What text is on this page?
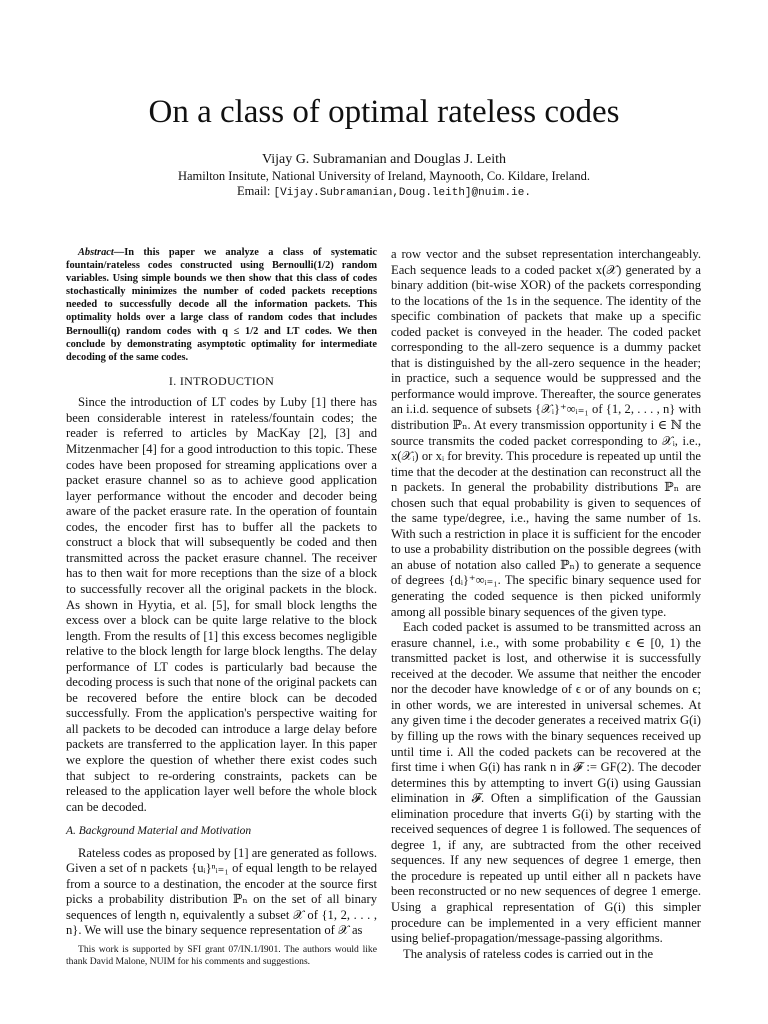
On a class of optimal rateless codes
Vijay G. Subramanian and Douglas J. Leith
Hamilton Insitute, National University of Ireland, Maynooth, Co. Kildare, Ireland.
Email: [Vijay.Subramanian,Doug.leith]@nuim.ie.

Abstract—In this paper we analyze a class of systematic fountain/rateless codes constructed using Bernoulli(1/2) random variables. Using simple bounds we then show that this class of codes stochastically minimizes the number of coded packets receptions needed to successfully decode all the information packets. This optimality holds over a large class of random codes that includes Bernoulli(q) random codes with q ≤ 1/2 and LT codes. We then conclude by demonstrating asymptotic optimality for intermediate decoding of the same codes.

I. INTRODUCTION

Since the introduction of LT codes by Luby [1] there has been considerable interest in rateless/fountain codes; the reader is referred to articles by MacKay [2], [3] and Mitzenmacher [4] for a good introduction to this topic. These codes have been proposed for streaming applications over a packet erasure channel so as to achieve good application layer performance without the encoder and decoder being aware of the packet erasure rate. In the operation of fountain codes, the encoder first has to buffer all the packets to construct a block that will subsequently be coded and then transmitted across the packet erasure channel. The receiver has to then wait for more receptions than the size of a block to successfully recover all the original packets in the block. As shown in Hyytia, et al. [5], for small block lengths the excess over a block can be quite large relative to the block length. From the results of [1] this excess becomes negligible relative to the block length for large block lengths. The delay performance of LT codes is particularly bad because the decoding process is such that none of the original packets can be recovered before the entire block can be decoded successfully. From the application's perspective waiting for all packets to be decoded can introduce a large delay before packets are transferred to the application layer. In this paper we explore the question of whether there exist codes such that subject to re-ordering constraints, packets can be released to the application layer well before the whole block can be decoded.

A. Background Material and Motivation

Rateless codes as proposed by [1] are generated as follows. Given a set of n packets {uᵢ}ⁿᵢ₌₁ of equal length to be relayed from a source to a destination, the encoder at the source first picks a probability distribution ℙₙ on the set of all binary sequences of length n, equivalently a subset 𝒳 of {1, 2, . . . , n}. We will use the binary sequence representation of 𝒳 as

This work is supported by SFI grant 07/IN.1/I901. The authors would like thank David Malone, NUIM for his comments and suggestions.

a row vector and the subset representation interchangeably. Each sequence leads to a coded packet x(𝒳) generated by a binary addition (bit-wise XOR) of the packets corresponding to the locations of the 1s in the sequence. The identity of the specific combination of packets that make up a specific coded packet is conveyed in the header. The coded packet corresponding to the all-zero sequence is a dummy packet that is distinguished by the all-zero sequence in the header; in practice, such a sequence would be suppressed and the performance would improve. Thereafter, the source generates an i.i.d. sequence of subsets {𝒳ᵢ}⁺∞ᵢ₌₁ of {1, 2, . . . , n} with distribution ℙₙ. At every transmission opportunity i ∈ ℕ the source transmits the coded packet corresponding to 𝒳ᵢ, i.e., x(𝒳ᵢ) or xᵢ for brevity. This procedure is repeated up until the time that the decoder at the destination can reconstruct all the n packets. In general the probability distributions ℙₙ are chosen such that equal probability is given to sequences of the same type/degree, i.e., having the same number of 1s. With such a restriction in place it is sufficient for the encoder to use a probability distribution on the possible degrees (with an abuse of notation also called ℙₙ) to generate a sequence of degrees {dᵢ}⁺∞ᵢ₌₁. The specific binary sequence used for generating the coded sequence is then picked uniformly among all possible binary sequences of the given type.

Each coded packet is assumed to be transmitted across an erasure channel, i.e., with some probability ϵ ∈ [0, 1) the transmitted packet is lost, and otherwise it is successfully received at the decoder. We assume that neither the encoder nor the decoder have knowledge of ϵ or of any bounds on ϵ; in other words, we are interested in universal schemes. At any given time i the decoder generates a received matrix G(i) by filling up the rows with the binary sequences received up until time i. All the coded packets can be recovered at the first time i when G(i) has rank n in 𝓕 := GF(2). The decoder determines this by attempting to invert G(i) using Gaussian elimination in 𝓕. Often a simplification of the Gaussian elimination procedure that inverts G(i) by starting with the received sequences of degree 1 is followed. The sequences of degree 1, if any, are subtracted from the other received sequences. If any new sequences of degree 1 emerge, then the procedure is repeated up until either all n packets have been reconstructed or no new sequences of degree 1 emerge. Using a graphical representation of G(i) this simpler procedure can be implemented in a very efficient manner using belief-propagation/message-passing algorithms.

The analysis of rateless codes is carried out in the
